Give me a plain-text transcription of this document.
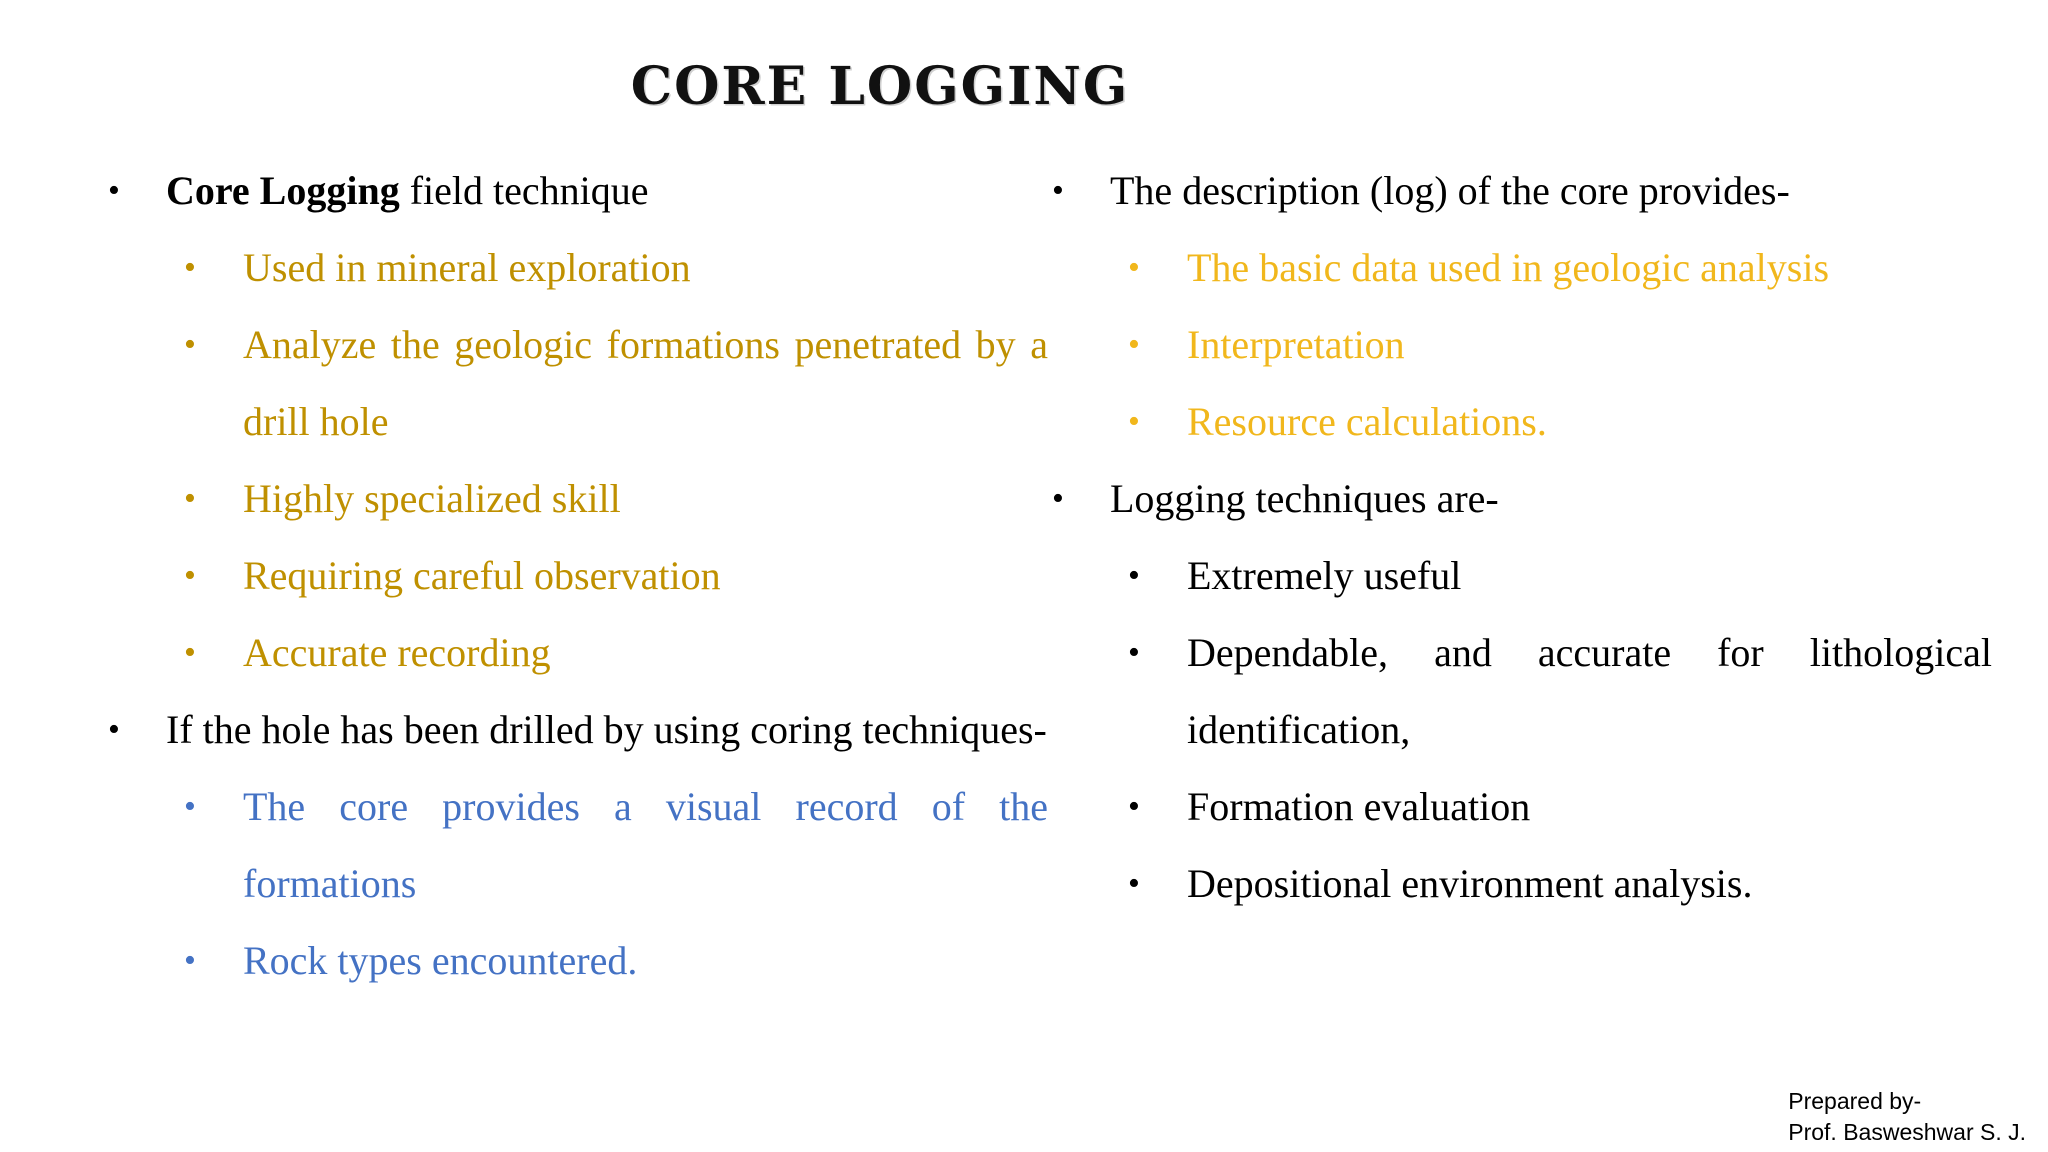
CORE LOGGING
• Core Logging field technique
• Used in mineral exploration
• Analyze the geologic formations penetrated by a drill hole
• Highly specialized skill
• Requiring careful observation
• Accurate recording
• If the hole has been drilled by using coring techniques-
• The core provides a visual record of the formations
• Rock types encountered.
• The description (log) of the core provides-
• The basic data used in geologic analysis
• Interpretation
• Resource calculations.
• Logging techniques are-
• Extremely useful
• Dependable, and accurate for lithological identification,
• Formation evaluation
• Depositional environment analysis.
Prepared by-
Prof. Basweshwar S. J.
